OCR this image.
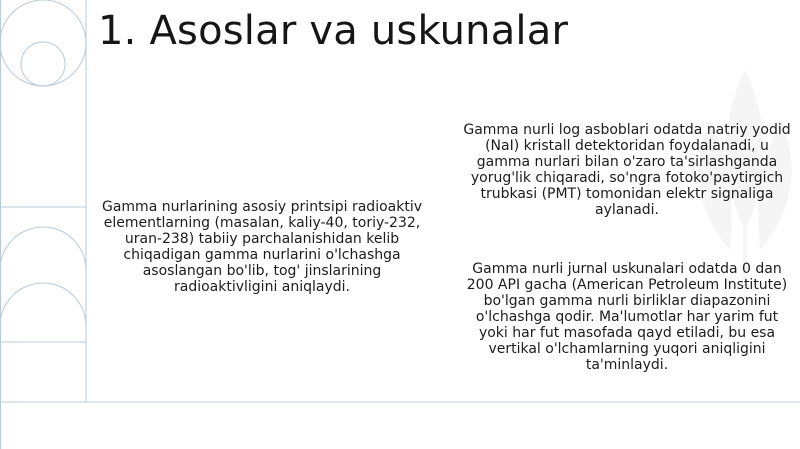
1. Asoslar va uskunalar
Gamma nurlarining asosiy printsipi radioaktiv elementlarning (masalan, kaliy-40, toriy-232, uran-238) tabiiy parchalanishidan kelib chiqadigan gamma nurlarini o'lchashga asoslangan bo'lib, tog' jinslarining radioaktivligini aniqlaydi.
Gamma nurli log asboblari odatda natriy yodid (NaI) kristall detektoridan foydalanadi, u gamma nurlari bilan o'zaro ta'sirlashganda yorug'lik chiqaradi, so'ngra fotoko'paytirgich trubkasi (PMT) tomonidan elektr signaliga aylanadi.
Gamma nurli jurnal uskunalari odatda 0 dan 200 API gacha (American Petroleum Institute) bo'lgan gamma nurli birliklar diapazonini o'lchashga qodir. Ma'lumotlar har yarim fut yoki har fut masofada qayd etiladi, bu esa vertikal o'lchamlarning yuqori aniqligini ta'minlaydi.
